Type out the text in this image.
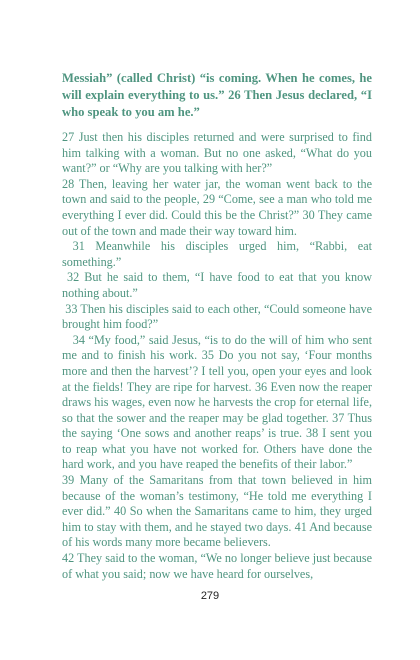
Messiah” (called Christ) “is coming. When he comes, he will explain everything to us.” 26 Then Jesus declared, “I who speak to you am he.”

27 Just then his disciples returned and were surprised to find him talking with a woman. But no one asked, “What do you want?” or “Why are you talking with her?”

28 Then, leaving her water jar, the woman went back to the town and said to the people, 29 “Come, see a man who told me everything I ever did. Could this be the Christ?” 30 They came out of the town and made their way toward him.

31 Meanwhile his disciples urged him, “Rabbi, eat something.”

32 But he said to them, “I have food to eat that you know nothing about.”

33 Then his disciples said to each other, “Could someone have brought him food?”

34 “My food,” said Jesus, “is to do the will of him who sent me and to finish his work. 35 Do you not say, ‘Four months more and then the harvest’? I tell you, open your eyes and look at the fields! They are ripe for harvest. 36 Even now the reaper draws his wages, even now he harvests the crop for eternal life, so that the sower and the reaper may be glad together. 37 Thus the saying ‘One sows and another reaps’ is true. 38 I sent you to reap what you have not worked for. Others have done the hard work, and you have reaped the benefits of their labor.”

39 Many of the Samaritans from that town believed in him because of the woman’s testimony, “He told me everything I ever did.” 40 So when the Samaritans came to him, they urged him to stay with them, and he stayed two days. 41 And because of his words many more became believers.

42 They said to the woman, “We no longer believe just because of what you said; now we have heard for ourselves,

279
